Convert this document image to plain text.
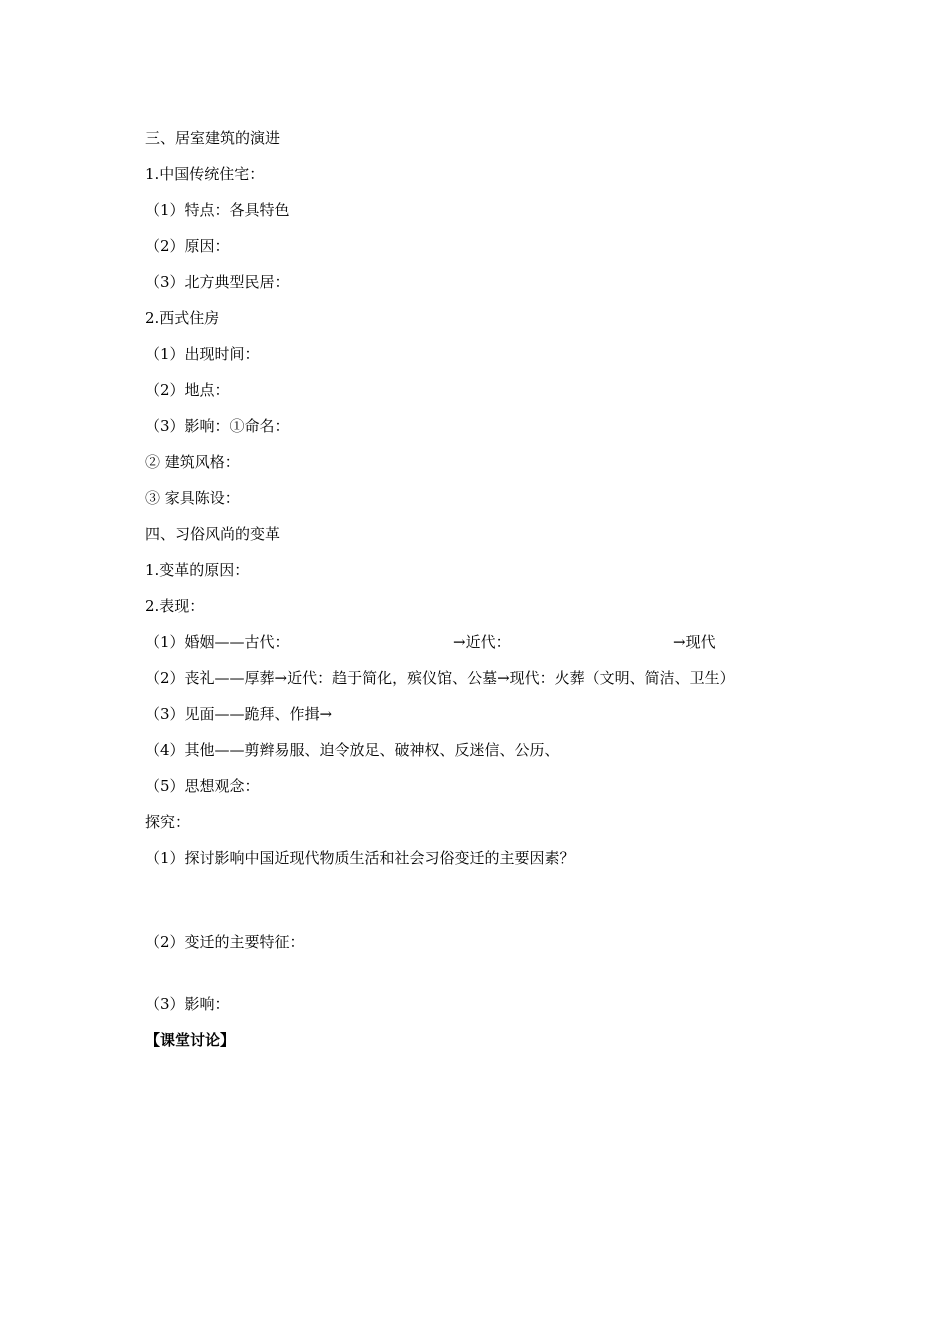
三、居室建筑的演进
1.中国传统住宅：
（1）特点：各具特色
（2）原因：
（3）北方典型民居：
2.西式住房
（1）出现时间：
（2）地点：
（3）影响：①命名：
② 建筑风格：
③ 家具陈设：
四、习俗风尚的变革
1.变革的原因：
2.表现：
（1）婚姻——古代：	→近代：	→现代
（2）丧礼——厚葬→近代：趋于简化，殡仪馆、公墓→现代：火葬（文明、简洁、卫生）
（3）见面——跪拜、作揖→
（4）其他——剪辫易服、迫令放足、破神权、反迷信、公历、
（5）思想观念：
探究：
（1）探讨影响中国近现代物质生活和社会习俗变迁的主要因素？
（2）变迁的主要特征：
（3）影响：
【课堂讨论】
